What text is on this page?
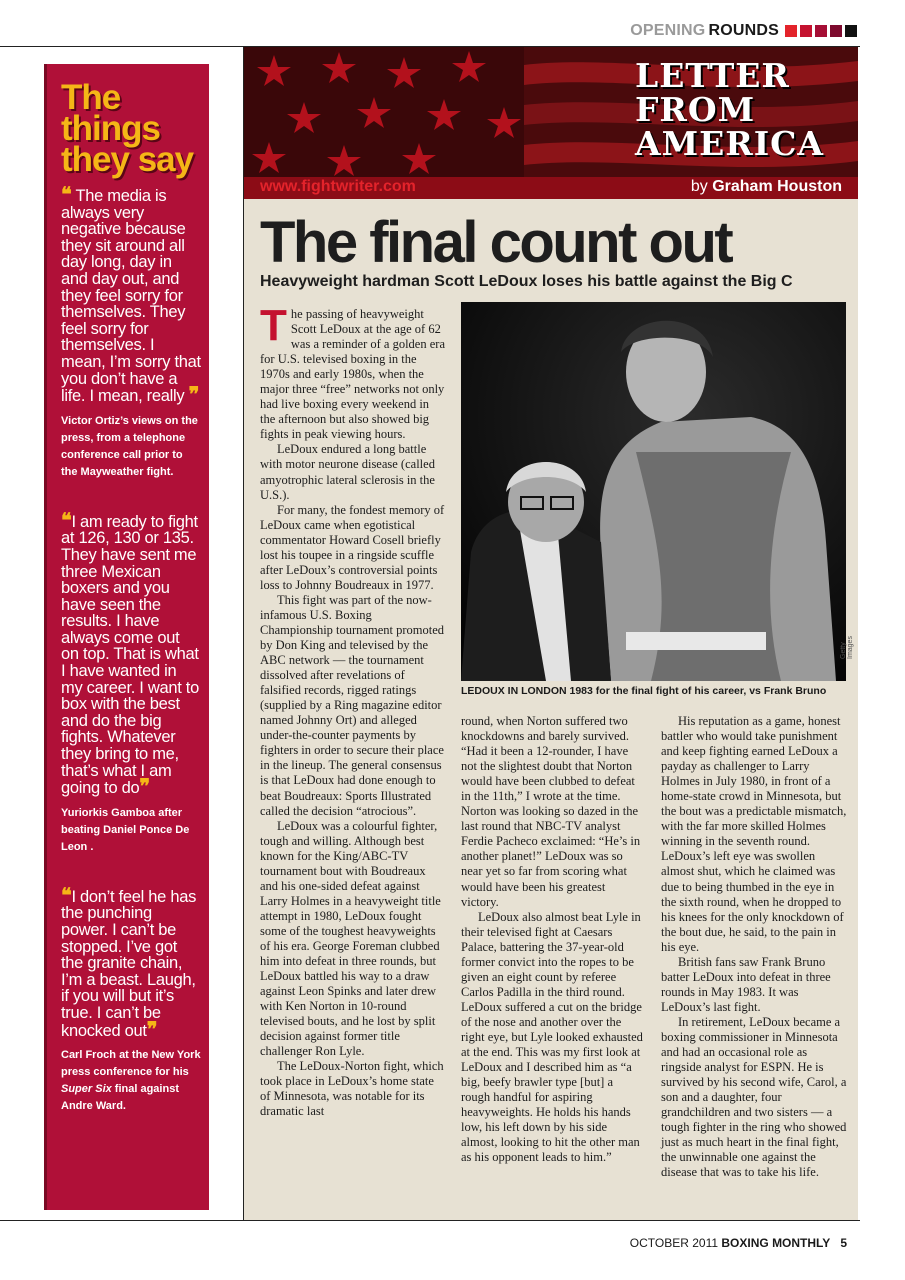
OPENING ROUNDS
The things they say
❝ The media is always very negative because they sit around all day long, day in and day out, and they feel sorry for themselves. They feel sorry for themselves. I mean, I’m sorry that you don’t have a life. I mean, really ❞
Victor Ortiz’s views on the press, from a telephone conference call prior to the Mayweather fight.
❝I am ready to fight at 126, 130 or 135. They have sent me three Mexican boxers and you have seen the results. I have always come out on top. That is what I have wanted in my career. I want to box with the best and do the big fights. Whatever they bring to me, that’s what I am going to do❞
Yuriorkis Gamboa after beating Daniel Ponce De Leon .
❝I don’t feel he has the punching power. I can’t be stopped. I’ve got the granite chain, I’m a beast. Laugh, if you will but it’s true. I can’t be knocked out❞
Carl Froch at the New York press conference for his Super Six final against Andre Ward.
LETTER
FROM
AMERICA
www.fightwriter.com	by Graham Houston
The final count out
Heavyweight hardman Scott LeDoux loses his battle against the Big C

The passing of heavyweight Scott LeDoux at the age of 62 was a reminder of a golden era for U.S. televised boxing in the 1970s and early 1980s, when the major three “free” networks not only had live boxing every weekend in the afternoon but also showed big fights in peak viewing hours.

LeDoux endured a long battle with motor neurone disease (called amyotrophic lateral sclerosis in the U.S.).

For many, the fondest memory of LeDoux came when egotistical commentator Howard Cosell briefly lost his toupee in a ringside scuffle after LeDoux’s controversial points loss to Johnny Boudreaux in 1977.

This fight was part of the now-infamous U.S. Boxing Championship tournament promoted by Don King and televised by the ABC network — the tournament dissolved after revelations of falsified records, rigged ratings (supplied by a Ring magazine editor named Johnny Ort) and alleged under-the-counter payments by fighters in order to secure their place in the lineup. The general consensus is that LeDoux had done enough to beat Boudreaux: Sports Illustrated called the decision “atrocious”.

LeDoux was a colourful fighter, tough and willing. Although best known for the King/ABC-TV tournament bout with Boudreaux and his one-sided defeat against Larry Holmes in a heavyweight title attempt in 1980, LeDoux fought some of the toughest heavyweights of his era. George Foreman clubbed him into defeat in three rounds, but LeDoux battled his way to a draw against Leon Spinks and later drew with Ken Norton in 10-round televised bouts, and he lost by split decision against former title challenger Ron Lyle.

The LeDoux-Norton fight, which took place in LeDoux’s home state of Minnesota, was notable for its dramatic last

Getty Images
LEDOUX IN LONDON 1983 for the final fight of his career, vs Frank Bruno

round, when Norton suffered two knockdowns and barely survived. “Had it been a 12-rounder, I have not the slightest doubt that Norton would have been clubbed to defeat in the 11th,” I wrote at the time. Norton was looking so dazed in the last round that NBC-TV analyst Ferdie Pacheco exclaimed: “He’s in another planet!” LeDoux was so near yet so far from scoring what would have been his greatest victory.

LeDoux also almost beat Lyle in their televised fight at Caesars Palace, battering the 37-year-old former convict into the ropes to be given an eight count by referee Carlos Padilla in the third round. LeDoux suffered a cut on the bridge of the nose and another over the right eye, but Lyle looked exhausted at the end. This was my first look at LeDoux and I described him as “a big, beefy brawler type [but] a rough handful for aspiring heavyweights. He holds his hands low, his left down by his side almost, looking to hit the other man as his opponent leads to him.”

His reputation as a game, honest battler who would take punishment and keep fighting earned LeDoux a payday as challenger to Larry Holmes in July 1980, in front of a home-state crowd in Minnesota, but the bout was a predictable mismatch, with the far more skilled Holmes winning in the seventh round. LeDoux’s left eye was swollen almost shut, which he claimed was due to being thumbed in the eye in the sixth round, when he dropped to his knees for the only knockdown of the bout due, he said, to the pain in his eye.

British fans saw Frank Bruno batter LeDoux into defeat in three rounds in May 1983. It was LeDoux’s last fight.

In retirement, LeDoux became a boxing commissioner in Minnesota and had an occasional role as ringside analyst for ESPN. He is survived by his second wife, Carol, a son and a daughter, four grandchildren and two sisters — a tough fighter in the ring who showed just as much heart in the final fight, the unwinnable one against the disease that was to take his life.

OCTOBER 2011 BOXING MONTHLY 5
